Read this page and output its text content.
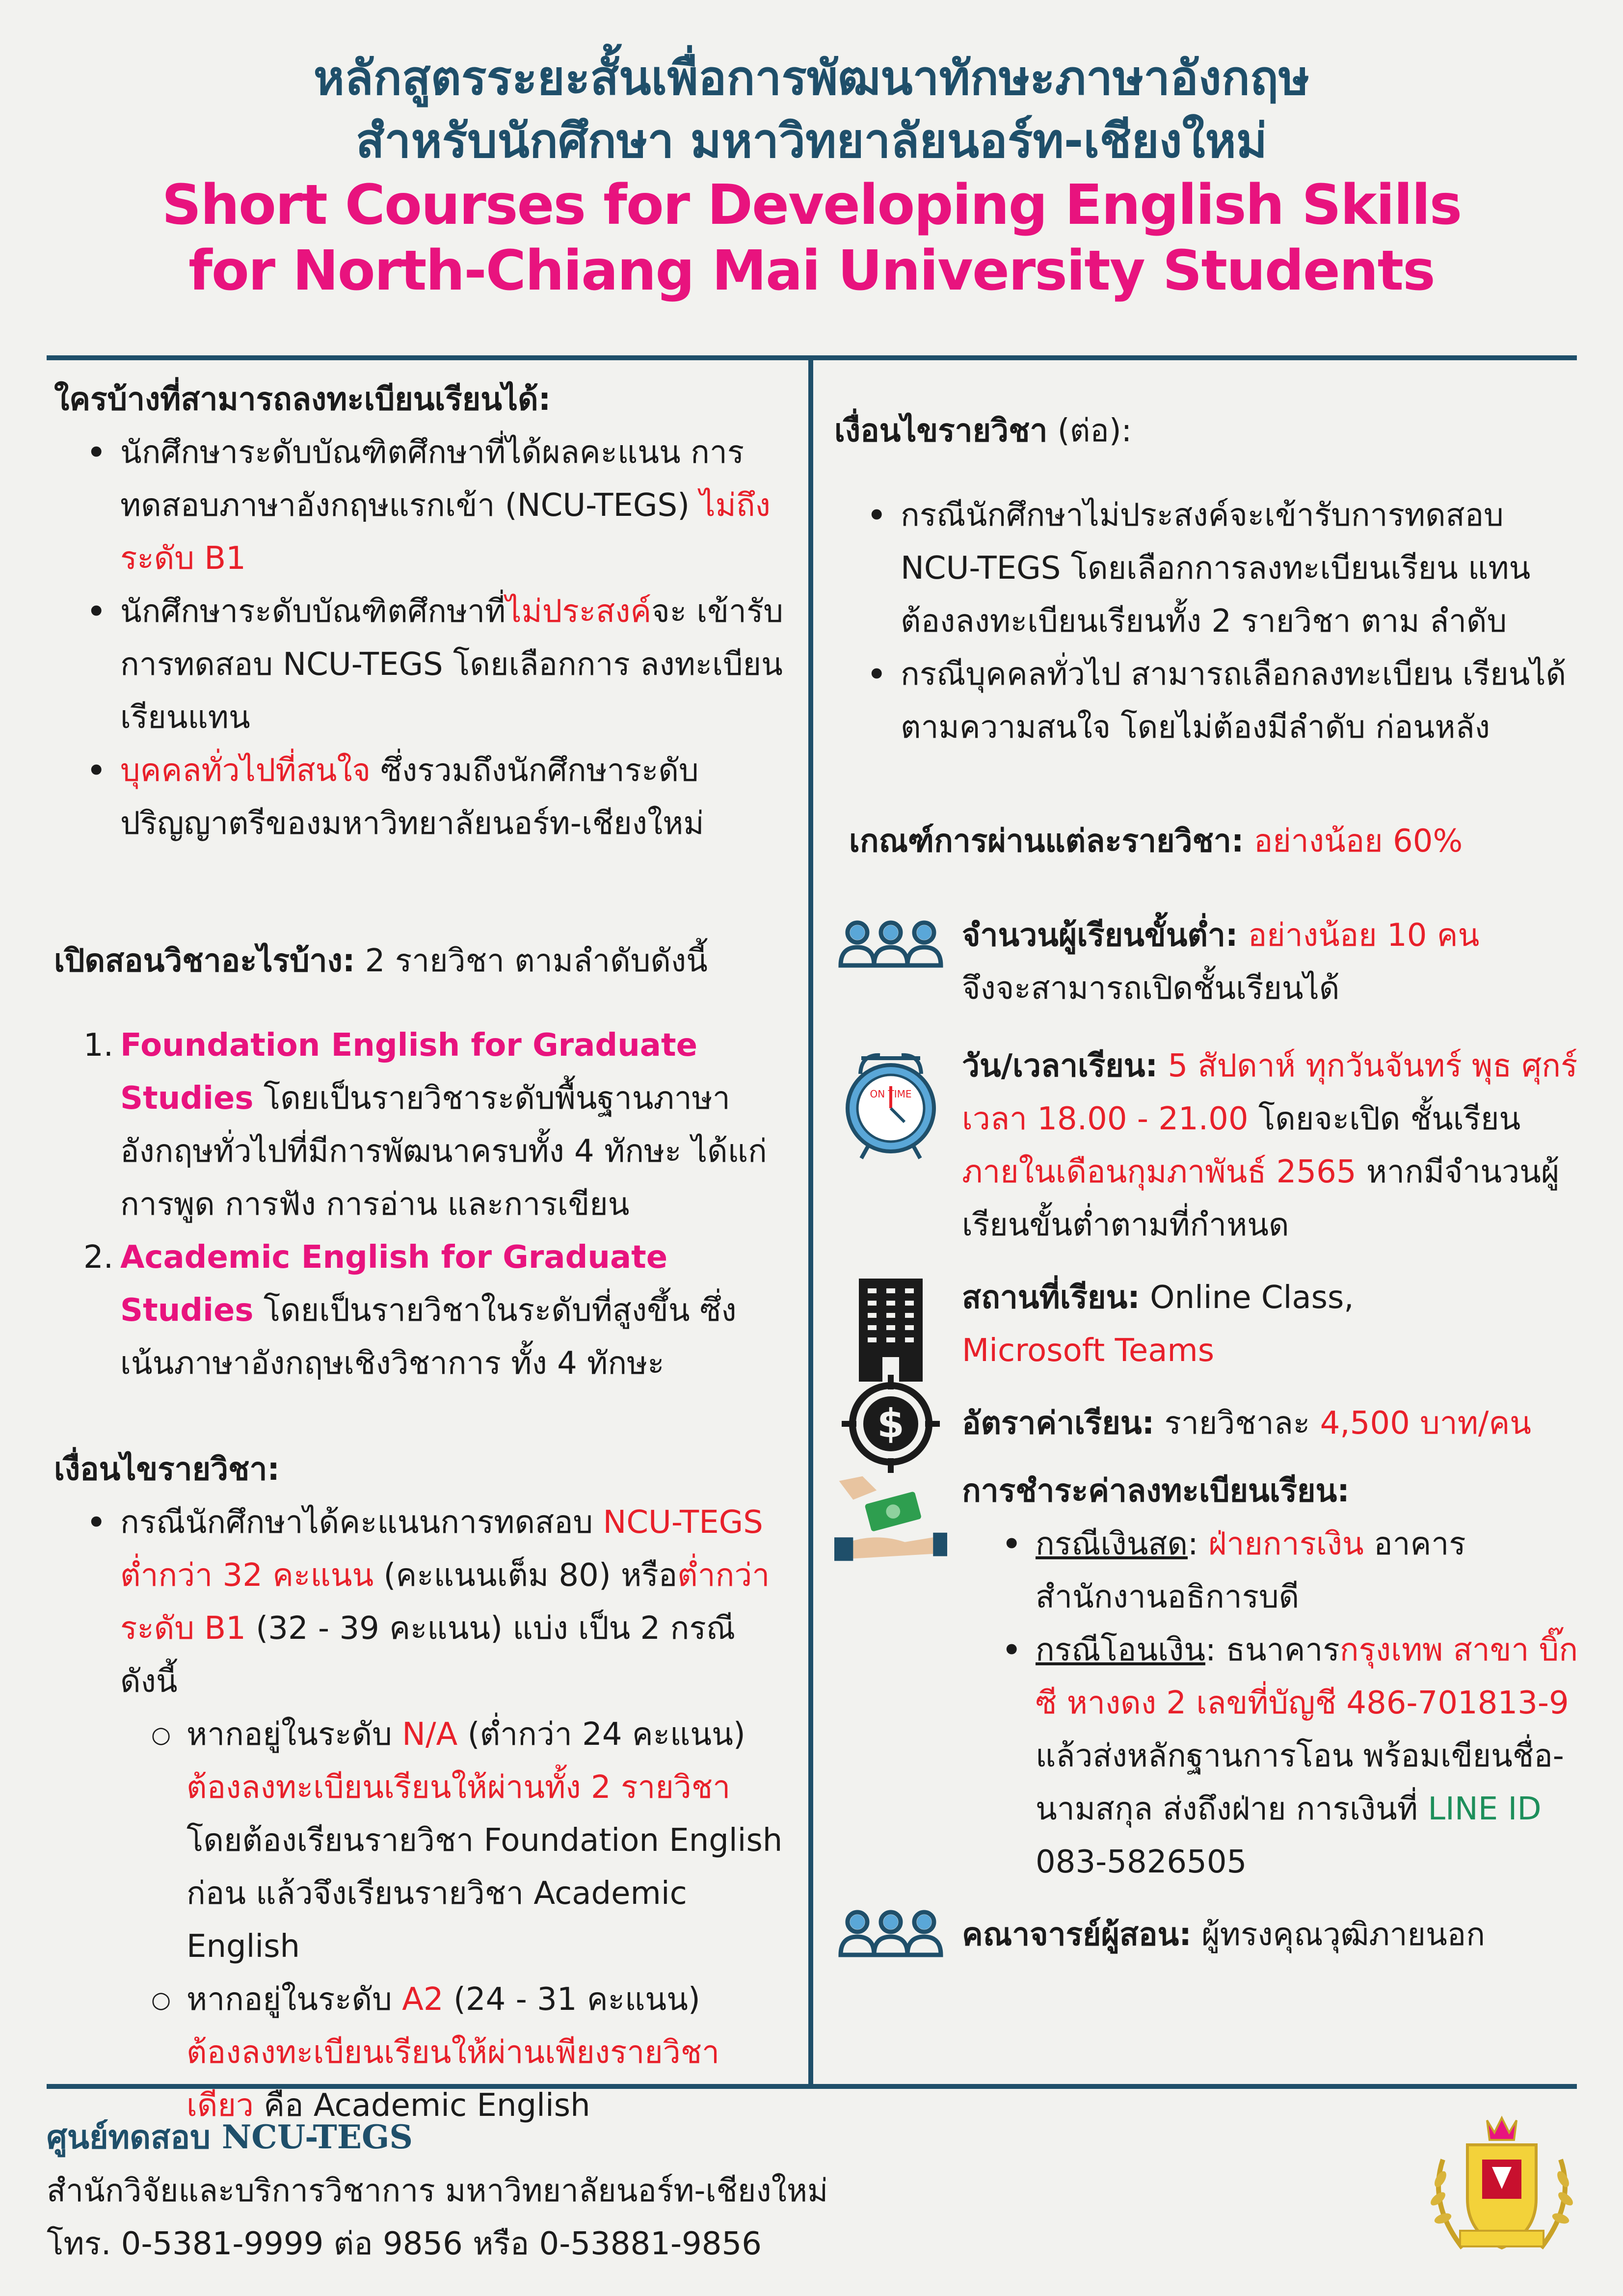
หลักสูตรระยะสั้นเพื่อการพัฒนาทักษะภาษาอังกฤษ

สำหรับนักศึกษา มหาวิทยาลัยนอร์ท-เชียงใหม่

Short Courses for Developing English Skills

for North-Chiang Mai University Students

ใครบ้างที่สามารถลงทะเบียนเรียนได้:

• นักศึกษาระดับบัณฑิตศึกษาที่ได้ผลคะแนน การทดสอบภาษาอังกฤษแรกเข้า (NCU-TEGS) ไม่ถึงระดับ B1
• นักศึกษาระดับบัณฑิตศึกษาที่ไม่ประสงค์จะ เข้ารับการทดสอบ NCU-TEGS โดยเลือกการ ลงทะเบียนเรียนแทน
• บุคคลทั่วไปที่สนใจ ซึ่งรวมถึงนักศึกษาระดับ ปริญญาตรีของมหาวิทยาลัยนอร์ท-เชียงใหม่

เปิดสอนวิชาอะไรบ้าง: 2 รายวิชา ตามลำดับดังนี้

1. Foundation English for Graduate Studies โดยเป็นรายวิชาระดับพื้นฐานภาษา อังกฤษทั่วไปที่มีการพัฒนาครบทั้ง 4 ทักษะ ได้แก่ การพูด การฟัง การอ่าน และการเขียน
2. Academic English for Graduate Studies โดยเป็นรายวิชาในระดับที่สูงขึ้น ซึ่ง เน้นภาษาอังกฤษเชิงวิชาการ ทั้ง 4 ทักษะ

เงื่อนไขรายวิชา:

• กรณีนักศึกษาได้คะแนนการทดสอบ NCU-TEGS ต่ำกว่า 32 คะแนน (คะแนนเต็ม 80) หรือต่ำกว่าระดับ B1 (32 - 39 คะแนน) แบ่ง เป็น 2 กรณีดังนี้
○ หากอยู่ในระดับ N/A (ต่ำกว่า 24 คะแนน)
ต้องลงทะเบียนเรียนให้ผ่านทั้ง 2 รายวิชา โดยต้องเรียนรายวิชา Foundation English ก่อน แล้วจึงเรียนรายวิชา Academic English
○ หากอยู่ในระดับ A2 (24 - 31 คะแนน)
ต้องลงทะเบียนเรียนให้ผ่านเพียงรายวิชา เดียว คือ Academic English

เงื่อนไขรายวิชา (ต่อ):

• กรณีนักศึกษาไม่ประสงค์จะเข้ารับการทดสอบ NCU-TEGS โดยเลือกการลงทะเบียนเรียน แทน ต้องลงทะเบียนเรียนทั้ง 2 รายวิชา ตาม ลำดับ
• กรณีบุคคลทั่วไป สามารถเลือกลงทะเบียน เรียนได้ตามความสนใจ โดยไม่ต้องมีลำดับ ก่อนหลัง

เกณฑ์การผ่านแต่ละรายวิชา: อย่างน้อย 60%

จำนวนผู้เรียนขั้นต่ำ: อย่างน้อย 10 คน
จึงจะสามารถเปิดชั้นเรียนได้
ON TIME
วัน/เวลาเรียน: 5 สัปดาห์ ทุกวันจันทร์ พุธ ศุกร์ เวลา 18.00 - 21.00 โดยจะเปิด ชั้นเรียนภายในเดือนกุมภาพันธ์ 2565 หากมีจำนวนผู้เรียนขั้นต่ำตามที่กำหนด
สถานที่เรียน: Online Class,
Microsoft Teams
$ อัตราค่าเรียน: รายวิชาละ 4,500 บาท/คน

การชำระค่าลงทะเบียนเรียน:

• กรณีเงินสด: ฝ่ายการเงิน อาคาร สำนักงานอธิการบดี
• กรณีโอนเงิน: ธนาคารกรุงเทพ สาขา บิ๊กซี หางดง 2 เลขที่บัญชี 486-701813-9 แล้วส่งหลักฐานการโอน พร้อมเขียนชื่อ-นามสกุล ส่งถึงฝ่าย การเงินที่ LINE ID 083-5826505
คณาจารย์ผู้สอน: ผู้ทรงคุณวุฒิภายนอก

ศูนย์ทดสอบ NCU-TEGS

สำนักวิจัยและบริการวิชาการ มหาวิทยาลัยนอร์ท-เชียงใหม่

โทร. 0-5381-9999 ต่อ 9856 หรือ 0-53881-9856
